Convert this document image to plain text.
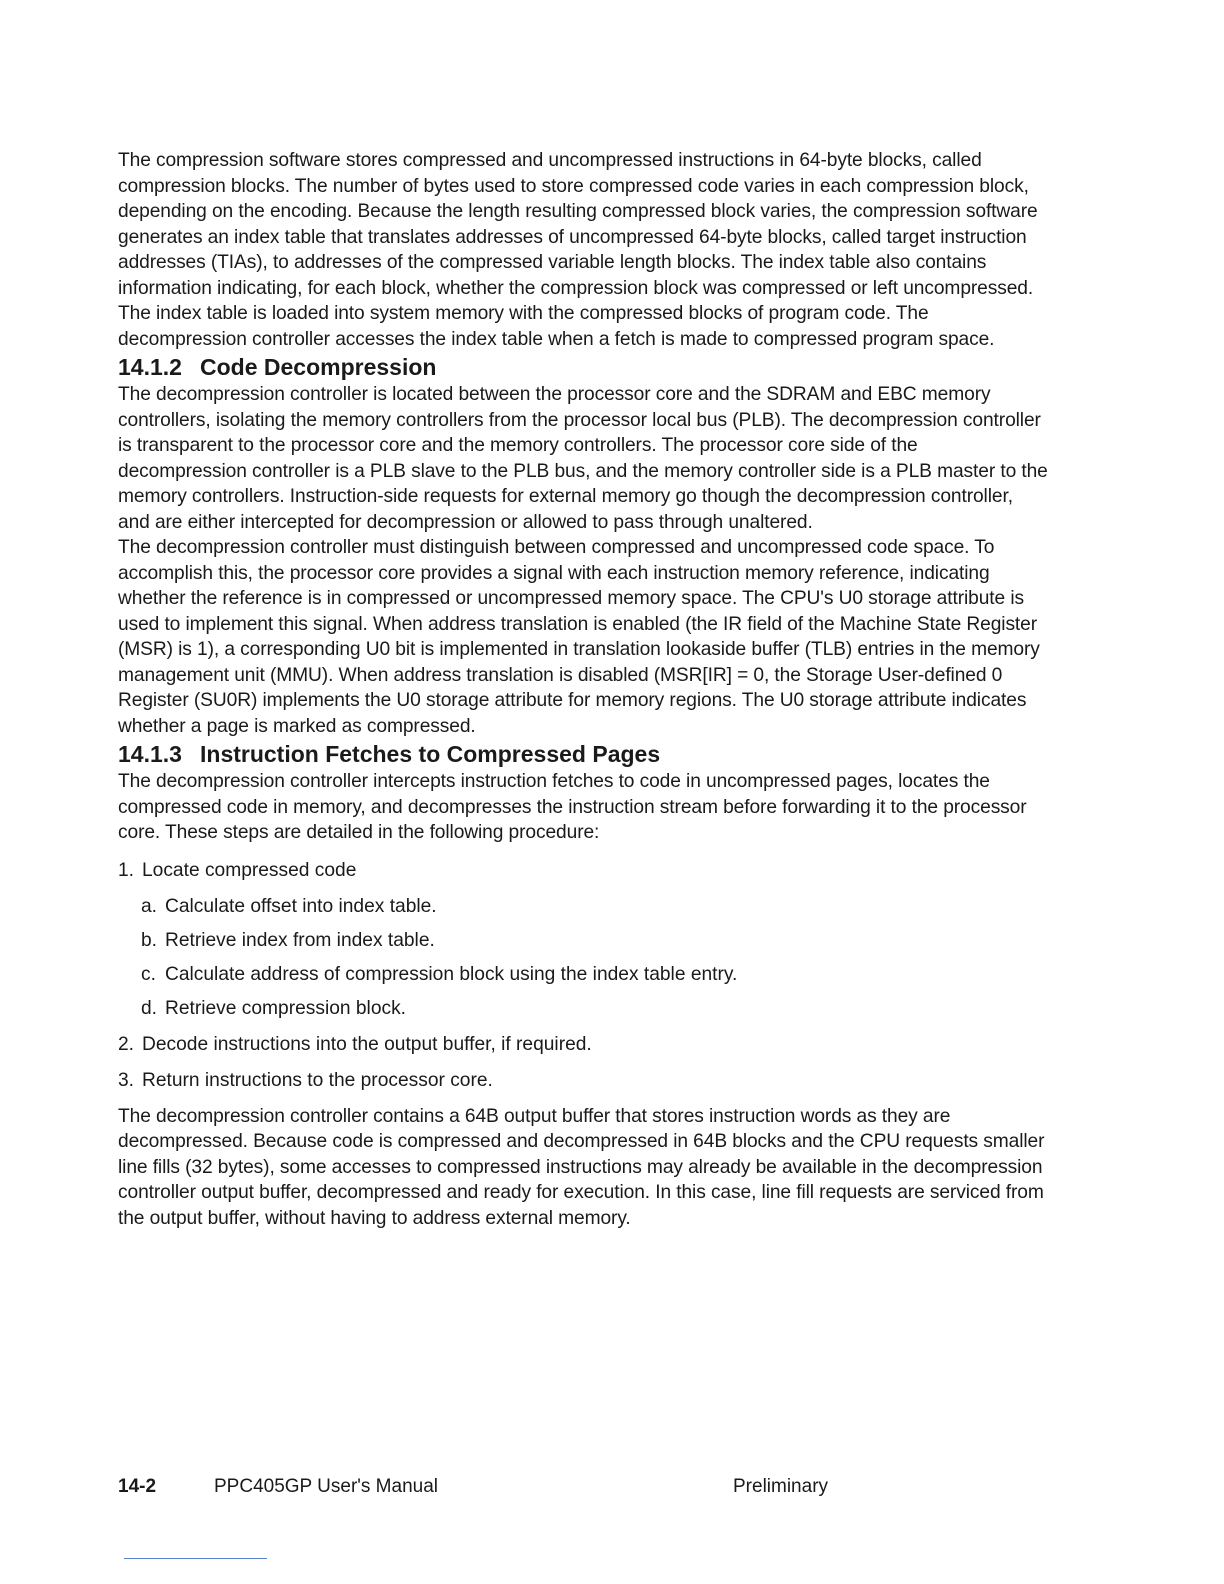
The compression software stores compressed and uncompressed instructions in 64-byte blocks, called compression blocks. The number of bytes used to store compressed code varies in each compression block, depending on the encoding. Because the length resulting compressed block varies, the compression software generates an index table that translates addresses of uncompressed 64-byte blocks, called target instruction addresses (TIAs), to addresses of the compressed variable length blocks. The index table also contains information indicating, for each block, whether the compression block was compressed or left uncompressed. The index table is loaded into system memory with the compressed blocks of program code. The decompression controller accesses the index table when a fetch is made to compressed program space.

14.1.2 Code Decompression

The decompression controller is located between the processor core and the SDRAM and EBC memory controllers, isolating the memory controllers from the processor local bus (PLB). The decompression controller is transparent to the processor core and the memory controllers. The processor core side of the decompression controller is a PLB slave to the PLB bus, and the memory controller side is a PLB master to the memory controllers. Instruction-side requests for external memory go though the decompression controller, and are either intercepted for decompression or allowed to pass through unaltered.

The decompression controller must distinguish between compressed and uncompressed code space. To accomplish this, the processor core provides a signal with each instruction memory reference, indicating whether the reference is in compressed or uncompressed memory space. The CPU's U0 storage attribute is used to implement this signal. When address translation is enabled (the IR field of the Machine State Register (MSR) is 1), a corresponding U0 bit is implemented in translation lookaside buffer (TLB) entries in the memory management unit (MMU). When address translation is disabled (MSR[IR] = 0, the Storage User-defined 0 Register (SU0R) implements the U0 storage attribute for memory regions. The U0 storage attribute indicates whether a page is marked as compressed.

14.1.3 Instruction Fetches to Compressed Pages

The decompression controller intercepts instruction fetches to code in uncompressed pages, locates the compressed code in memory, and decompresses the instruction stream before forwarding it to the processor core. These steps are detailed in the following procedure:

1. Locate compressed code
a. Calculate offset into index table.
b. Retrieve index from index table.
c. Calculate address of compression block using the index table entry.
d. Retrieve compression block.
2. Decode instructions into the output buffer, if required.
3. Return instructions to the processor core.

The decompression controller contains a 64B output buffer that stores instruction words as they are decompressed. Because code is compressed and decompressed in 64B blocks and the CPU requests smaller line fills (32 bytes), some accesses to compressed instructions may already be available in the decompression controller output buffer, decompressed and ready for execution. In this case, line fill requests are serviced from the output buffer, without having to address external memory.

14-2	PPC405GP User's Manual	Preliminary
